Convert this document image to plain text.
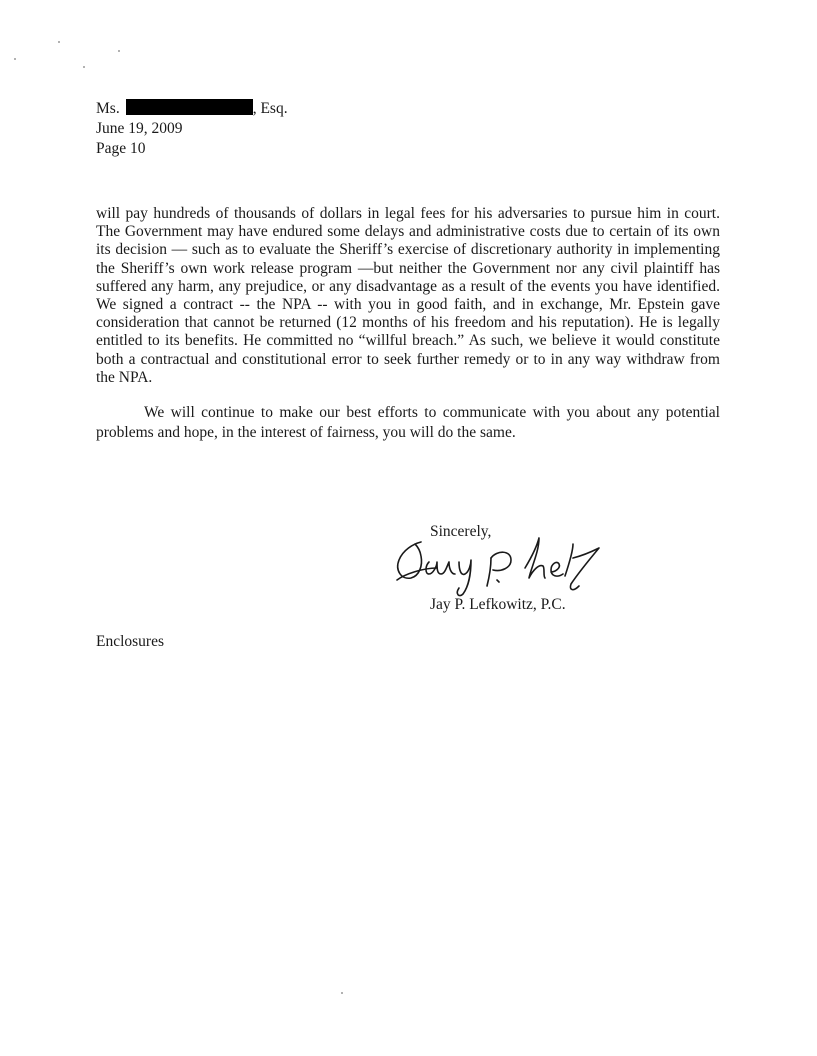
Ms.	, Esq.
June 19, 2009
Page 10

will pay hundreds of thousands of dollars in legal fees for his adversaries to pursue him in court. The Government may have endured some delays and administrative costs due to certain of its own its decision — such as to evaluate the Sheriff’s exercise of discretionary authority in implementing the Sheriff’s own work release program —but neither the Government nor any civil plaintiff has suffered any harm, any prejudice, or any disadvantage as a result of the events you have identified. We signed a contract -- the NPA -- with you in good faith, and in exchange, Mr. Epstein gave consideration that cannot be returned (12 months of his freedom and his reputation). He is legally entitled to its benefits. He committed no “willful breach.” As such, we believe it would constitute both a contractual and constitutional error to seek further remedy or to in any way withdraw from the NPA.

We will continue to make our best efforts to communicate with you about any potential problems and hope, in the interest of fairness, you will do the same.

Sincerely,
Jay P. Lefkowitz, P.C.
Enclosures
